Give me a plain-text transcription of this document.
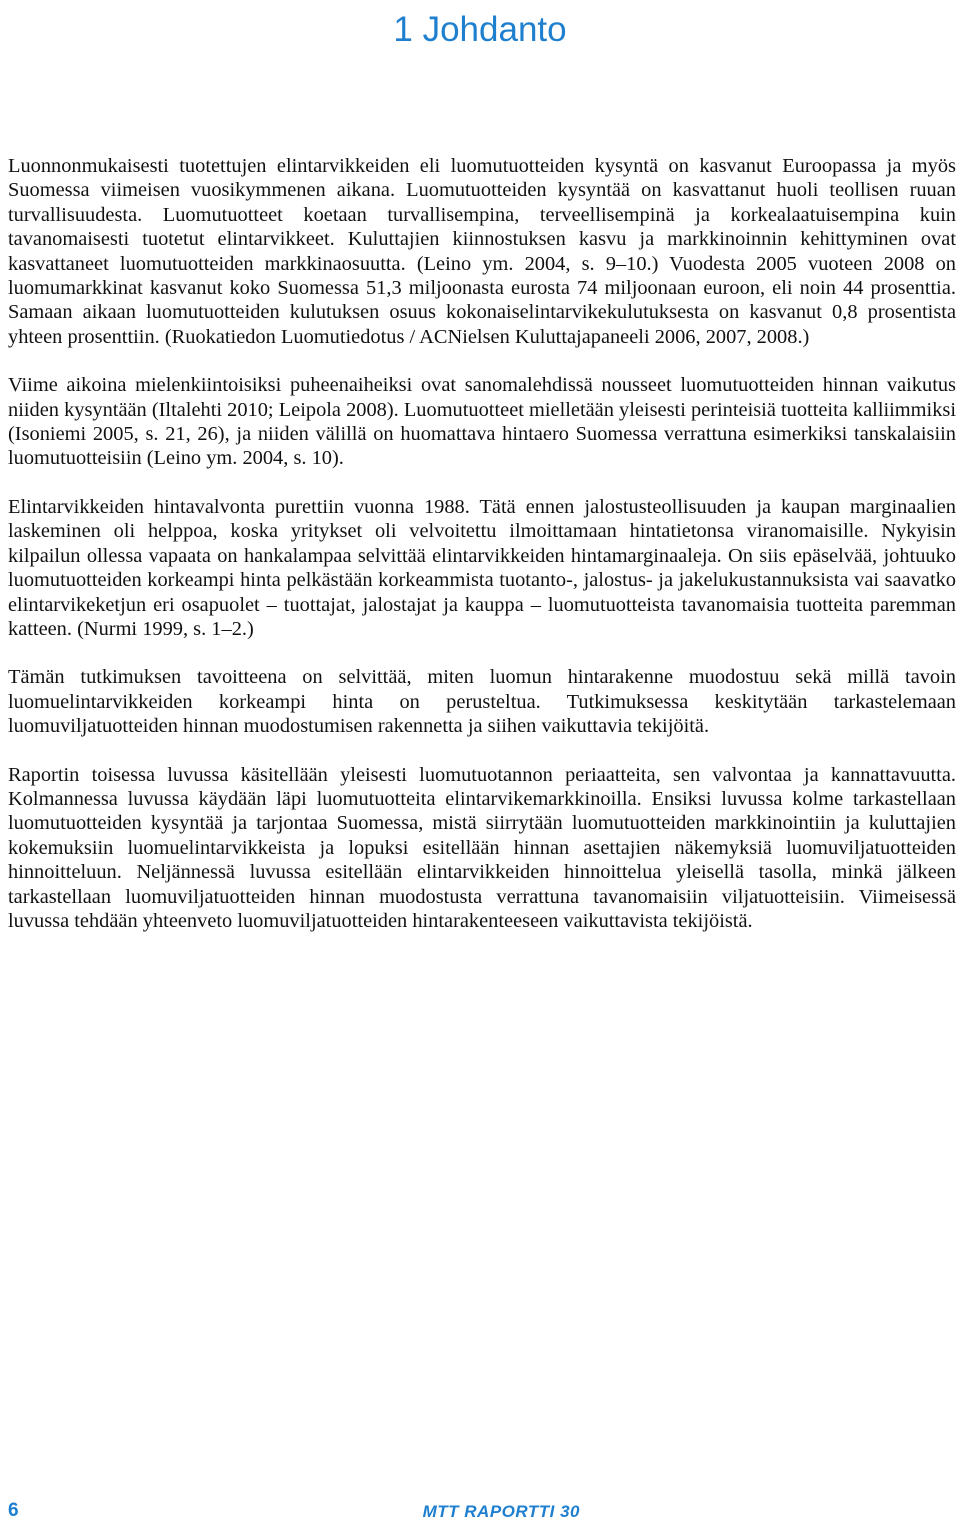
1 Johdanto

Luonnonmukaisesti tuotettujen elintarvikkeiden eli luomutuotteiden kysyntä on kasvanut Euroopassa ja myös Suomessa viimeisen vuosikymmenen aikana. Luomutuotteiden kysyntää on kasvattanut huoli teollisen ruuan turvallisuudesta. Luomutuotteet koetaan turvallisempina, terveellisempinä ja korkealaatuisempina kuin tavanomaisesti tuotetut elintarvikkeet. Kuluttajien kiinnostuksen kasvu ja markkinoinnin kehittyminen ovat kasvattaneet luomutuotteiden markkinaosuutta. (Leino ym. 2004, s. 9–10.) Vuodesta 2005 vuoteen 2008 on luomumarkkinat kasvanut koko Suomessa 51,3 miljoonasta eurosta 74 miljoonaan euroon, eli noin 44 prosenttia. Samaan aikaan luomutuotteiden kulutuksen osuus kokonaiselintarvikekulutuksesta on kasvanut 0,8 prosentista yhteen prosenttiin. (Ruokatiedon Luomutiedotus / ACNielsen Kuluttajapaneeli 2006, 2007, 2008.)

Viime aikoina mielenkiintoisiksi puheenaiheiksi ovat sanomalehdissä nousseet luomutuotteiden hinnan vaikutus niiden kysyntään (Iltalehti 2010; Leipola 2008). Luomutuotteet mielletään yleisesti perinteisiä tuotteita kalliimmiksi (Isoniemi 2005, s. 21, 26), ja niiden välillä on huomattava hintaero Suomessa verrattuna esimerkiksi tanskalaisiin luomutuotteisiin (Leino ym. 2004, s. 10).

Elintarvikkeiden hintavalvonta purettiin vuonna 1988. Tätä ennen jalostusteollisuuden ja kaupan marginaalien laskeminen oli helppoa, koska yritykset oli velvoitettu ilmoittamaan hintatietonsa viranomaisille. Nykyisin kilpailun ollessa vapaata on hankalampaa selvittää elintarvikkeiden hintamarginaaleja. On siis epäselvää, johtuuko luomutuotteiden korkeampi hinta pelkästään korkeammista tuotanto-, jalostus- ja jakelukustannuksista vai saavatko elintarvikeketjun eri osapuolet – tuottajat, jalostajat ja kauppa – luomutuotteista tavanomaisia tuotteita paremman katteen. (Nurmi 1999, s. 1–2.)

Tämän tutkimuksen tavoitteena on selvittää, miten luomun hintarakenne muodostuu sekä millä tavoin luomuelintarvikkeiden korkeampi hinta on perusteltua. Tutkimuksessa keskitytään tarkastelemaan luomuviljatuotteiden hinnan muodostumisen rakennetta ja siihen vaikuttavia tekijöitä.

Raportin toisessa luvussa käsitellään yleisesti luomutuotannon periaatteita, sen valvontaa ja kannattavuutta. Kolmannessa luvussa käydään läpi luomutuotteita elintarvikemarkkinoilla. Ensiksi luvussa kolme tarkastellaan luomutuotteiden kysyntää ja tarjontaa Suomessa, mistä siirrytään luomutuotteiden markkinointiin ja kuluttajien kokemuksiin luomuelintarvikkeista ja lopuksi esitellään hinnan asettajien näkemyksiä luomuviljatuotteiden hinnoitteluun. Neljännessä luvussa esitellään elintarvikkeiden hinnoittelua yleisellä tasolla, minkä jälkeen tarkastellaan luomuviljatuotteiden hinnan muodostusta verrattuna tavanomaisiin viljatuotteisiin. Viimeisessä luvussa tehdään yhteenveto luomuviljatuotteiden hintarakenteeseen vaikuttavista tekijöistä.

6	MTT RAPORTTI 30
